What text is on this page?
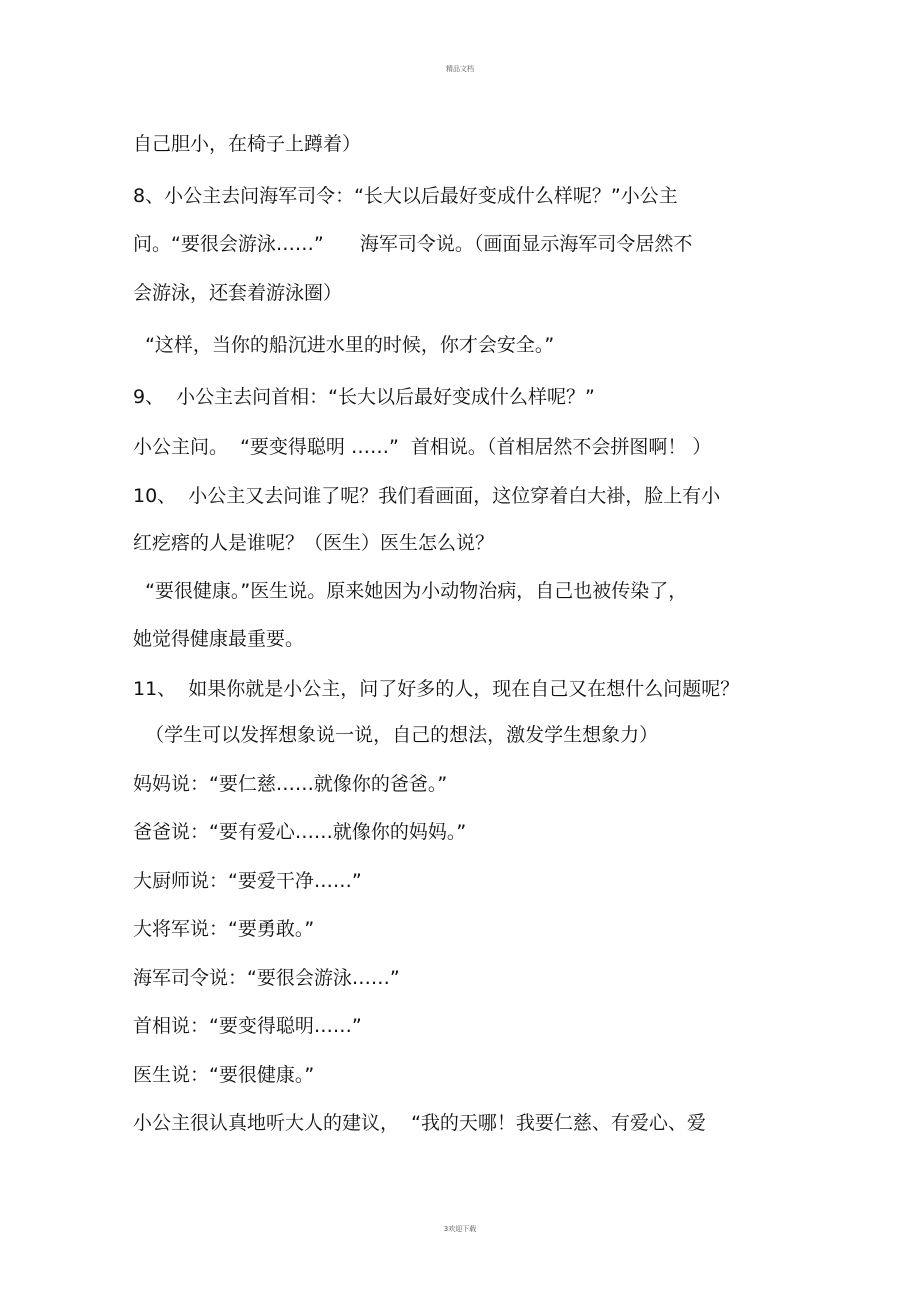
精品文档
自己胆小，在椅子上蹲着）
8、小公主去问海军司令：“长大以后最好变成什么样呢？”小公主
问。“要很会游泳……”      海军司令说。（画面显示海军司令居然不
会游泳，还套着游泳圈）
“这样，当你的船沉进水里的时候，你才会安全。”
9、  小公主去问首相：“长大以后最好变成什么样呢？”
小公主问。  “要变得聪明 ……”  首相说。（首相居然不会拼图啊！ ）
10、  小公主又去问谁了呢？我们看画面，这位穿着白大褂，脸上有小
红疙瘩的人是谁呢？（医生）医生怎么说？
“要很健康。”医生说。原来她因为小动物治病，自己也被传染了，
她觉得健康最重要。
11、  如果你就是小公主，问了好多的人，现在自己又在想什么问题呢？
（学生可以发挥想象说一说，自己的想法，激发学生想象力）
妈妈说：“要仁慈……就像你的爸爸。”
爸爸说：“要有爱心……就像你的妈妈。”
大厨师说：“要爱干净……”
大将军说：“要勇敢。”
海军司令说：“要很会游泳……”
首相说：“要变得聪明……”
医生说：“要很健康。”
小公主很认真地听大人的建议，  “我的天哪！我要仁慈、有爱心、爱
3欢迎下载
